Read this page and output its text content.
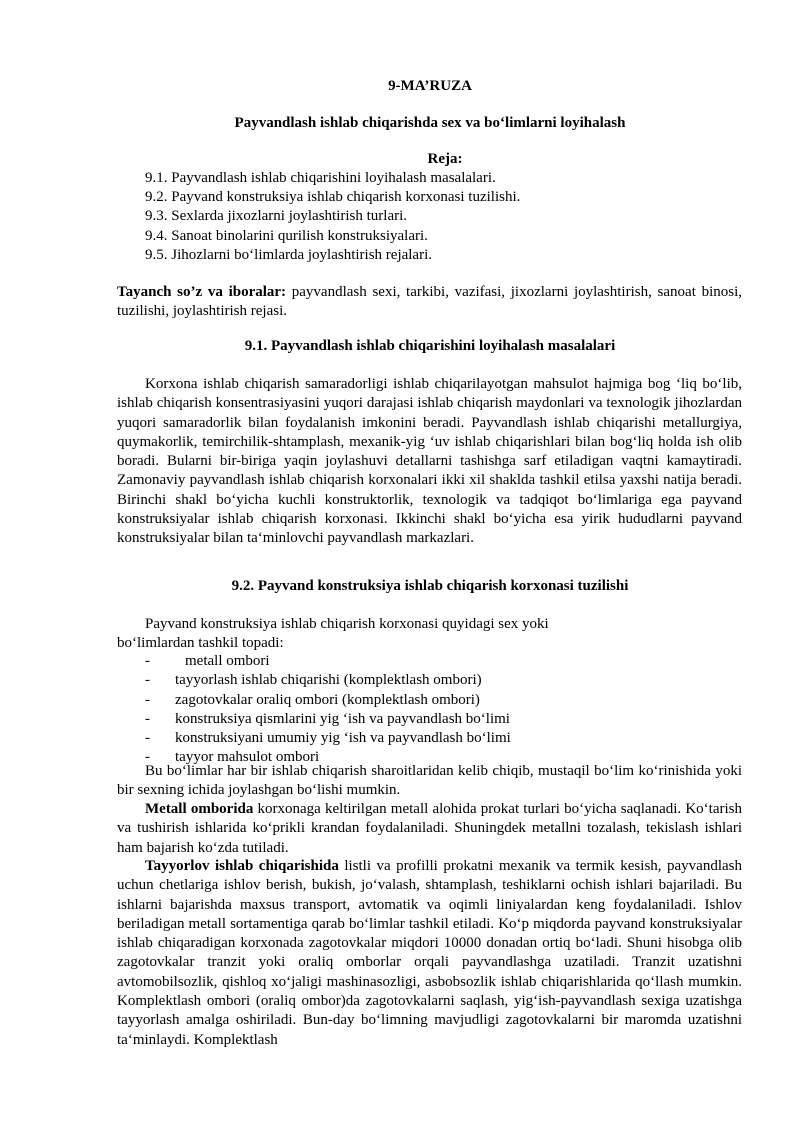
9-MA’RUZA

Payvandlash ishlab chiqarishda sex va bo‘limlarni loyihalash

Reja:
9.1. Payvandlash ishlab chiqarishini loyihalash masalalari.
9.2. Payvand konstruksiya ishlab chiqarish korxonasi tuzilishi.
9.3. Sexlarda jixozlarni joylashtirish turlari.
9.4. Sanoat binolarini qurilish konstruksiyalari.
9.5. Jihozlarni bo‘limlarda joylashtirish rejalari.

Tayanch so’z va iboralar: payvandlash sexi, tarkibi, vazifasi, jixozlarni joylashtirish, sanoat binosi, tuzilishi, joylashtirish rejasi.

9.1. Payvandlash ishlab chiqarishini loyihalash masalalari

Korxona ishlab chiqarish samaradorligi ishlab chiqarilayotgan mahsulot hajmiga bog ‘liq bo‘lib, ishlab chiqarish konsentrasiyasini yuqori darajasi ishlab chiqarish maydonlari va texnologik jihozlardan yuqori samaradorlik bilan foydalanish imkonini beradi. Payvandlash ishlab chiqarishi metallurgiya, quymakorlik, temirchilik-shtamplash, mexanik-yig ‘uv ishlab chiqarishlari bilan bog‘liq holda ish olib boradi. Bularni bir-biriga yaqin joylashuvi detallarni tashishga sarf etiladigan vaqtni kamaytiradi. Zamonaviy payvandlash ishlab chiqarish korxonalari ikki xil shaklda tashkil etilsa yaxshi natija beradi. Birinchi shakl bo‘yicha kuchli konstruktorlik, texnologik va tadqiqot bo‘limlariga ega payvand konstruksiyalar ishlab chiqarish korxonasi. Ikkinchi shakl bo‘yicha esa yirik hududlarni payvand konstruksiyalar bilan ta‘minlovchi payvandlash markazlari.

9.2. Payvand konstruksiya ishlab chiqarish korxonasi tuzilishi
Payvand konstruksiya ishlab chiqarish korxonasi quyidagi sex yoki
bo‘limlardan tashkil topadi:
-	metall ombori
-	tayyorlash ishlab chiqarishi (komplektlash ombori)
-	zagotovkalar oraliq ombori (komplektlash ombori)
-	konstruksiya qismlarini yig ‘ish va payvandlash bo‘limi
-	konstruksiyani umumiy yig ‘ish va payvandlash bo‘limi
-	tayyor mahsulot ombori

Bu bo‘limlar har bir ishlab chiqarish sharoitlaridan kelib chiqib, mustaqil bo‘lim ko‘rinishida yoki bir sexning ichida joylashgan bo‘lishi mumkin.

Metall omborida korxonaga keltirilgan metall alohida prokat turlari bo‘yicha saqlanadi. Ko‘tarish va tushirish ishlarida ko‘prikli krandan foydalaniladi. Shuningdek metallni tozalash, tekislash ishlari ham bajarish ko‘zda tutiladi.

Tayyorlov ishlab chiqarishida listli va profilli prokatni mexanik va termik kesish, payvandlash uchun chetlariga ishlov berish, bukish, jo‘valash, shtamplash, teshiklarni ochish ishlari bajariladi. Bu ishlarni bajarishda maxsus transport, avtomatik va oqimli liniyalardan keng foydalaniladi. Ishlov beriladigan metall sortamentiga qarab bo‘limlar tashkil etiladi. Ko‘p miqdorda payvand konstruksiyalar ishlab chiqaradigan korxonada zagotovkalar miqdori 10000 donadan ortiq bo‘ladi. Shuni hisobga olib zagotovkalar tranzit yoki oraliq omborlar orqali payvandlashga uzatiladi. Tranzit uzatishni avtomobilsozlik, qishloq xo‘jaligi mashinasozligi, asbobsozlik ishlab chiqarishlarida qo‘llash mumkin. Komplektlash ombori (oraliq ombor)da zagotovkalarni saqlash, yig‘ish-payvandlash sexiga uzatishga tayyorlash amalga oshiriladi. Bun-day bo‘limning mavjudligi zagotovkalarni bir maromda uzatishni ta‘minlaydi. Komplektlash
